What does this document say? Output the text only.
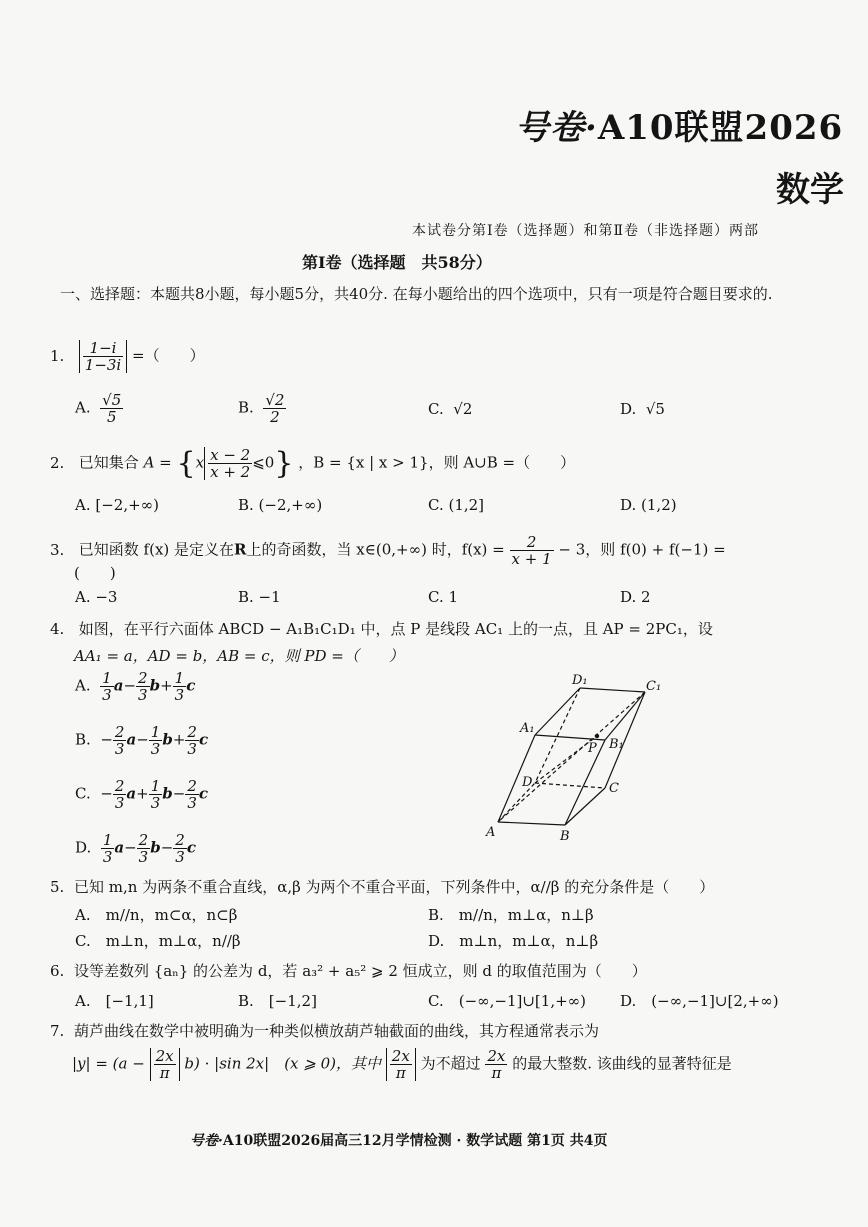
号卷·A10联盟2026
数学
本试卷分第Ⅰ卷（选择题）和第Ⅱ卷（非选择题）两部
第Ⅰ卷（选择题　共58分）
一、选择题：本题共8小题，每小题5分，共40分. 在每小题给出的四个选项中，只有一项是符合题目要求的.
1. $\frac{1-i}{1-3i}$ =（　　）
A. $\frac{√5}{5}$	B. $\frac{√2}{2}$	C. √2	D. √5
2. 已知集合 $A = \{x \frac{x - 2}{x + 2}$ ⩽0} ，B = {x | x > 1}，则 A∪B =（　　）
A. [−2,+∞)	B. (−2,+∞)	C. (1,2]	D. (1,2)
3. 已知函数 f(x) 是定义在R上的奇函数，当 x∈(0,+∞) 时，$f(x) = \frac{2}{x + 1} - 3$，则 f(0) + f(−1) =
(　　)
A. −3	B. −1	C. 1	D. 2
4. 如图，在平行六面体 ABCD − A₁B₁C₁D₁ 中，点 P 是线段 AC₁ 上的一点，且 AP = 2PC₁，设
AA₁ = a，AD = b，AB = c，则 PD =（　　）
A. $\frac{1}{3} a- \frac{2}{3} b+ \frac{1}{3}$ c
B. − $\frac{2}{3} a- \frac{1}{3} b+ \frac{2}{3}$ c
C. − $\frac{2}{3} a+ \frac{1}{3} b- \frac{2}{3}$ c
D. $\frac{1}{3} a- \frac{2}{3} b- \frac{2}{3}$ c
D₁	C₁
A₁
B₁
P
D	C
A	B
5. 已知 m,n 为两条不重合直线，α,β 为两个不重合平面，下列条件中，α//β 的充分条件是（　　）
A.　m//n，m⊂α，n⊂β	B.　m//n，m⊥α，n⊥β
C.　m⊥n，m⊥α，n//β	D.　m⊥n，m⊥α，n⊥β
6. 设等差数列 {aₙ} 的公差为 d，若 a₃² + a₅² ⩾ 2 恒成立，则 d 的取值范围为（　　）
A.　[−1,1]	B.　[−1,2]	C.　(−∞,−1]∪[1,+∞) D.　(−∞,−1]∪[2,+∞)
7. 葫芦曲线在数学中被明确为一种类似横放葫芦轴截面的曲线，其方程通常表示为
$|y| = (a - \frac{2x}{\pi} b) \cdot |\sin$ 2x|　(x ⩾ 0)，其中 $\frac{2x}{\pi}$ 为不超过 $\frac{2x}{\pi}$ 的最大整数. 该曲线的显著特征是
号卷·A10联盟2026届高三12月学情检测 · 数学试题 第1页 共4页
